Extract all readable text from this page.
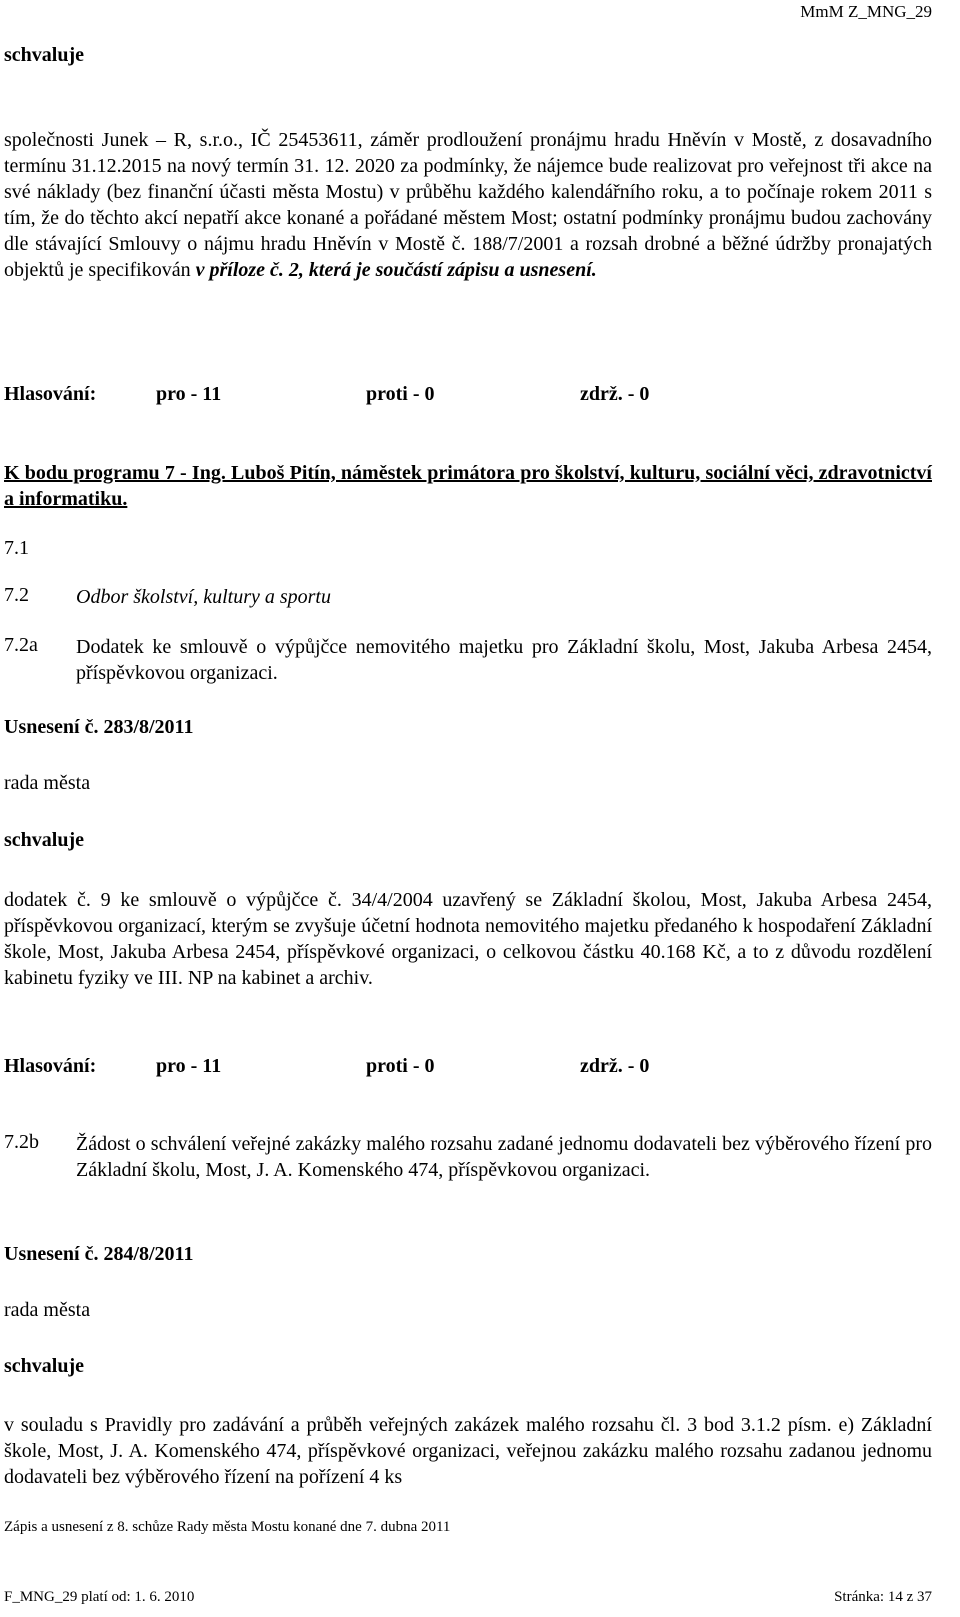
MmM Z_MNG_29
schvaluje
společnosti Junek – R, s.r.o., IČ 25453611, záměr prodloužení pronájmu hradu Hněvín v Mostě, z dosavadního termínu 31.12.2015 na nový termín 31. 12. 2020 za podmínky, že nájemce bude realizovat pro veřejnost tři akce na své náklady (bez finanční účasti města Mostu) v průběhu každého kalendářního roku, a to počínaje rokem 2011 s tím, že do těchto akcí nepatří akce konané a pořádané městem Most; ostatní podmínky pronájmu budou zachovány dle stávající Smlouvy o nájmu hradu Hněvín v Mostě č. 188/7/2001 a rozsah drobné a běžné údržby pronajatých objektů je specifikován v příloze č. 2, která je součástí zápisu a usnesení.
Hlasování:	pro - 11	proti - 0	zdrž. - 0
K bodu programu 7 - Ing. Luboš Pitín, náměstek primátora pro školství, kulturu, sociální věci, zdravotnictví a informatiku.
7.1
7.2 Odbor školství, kultury a sportu
7.2a Dodatek ke smlouvě o výpůjčce nemovitého majetku pro Základní školu, Most, Jakuba Arbesa 2454, příspěvkovou organizaci.
Usnesení č. 283/8/2011
rada města
schvaluje
dodatek č. 9 ke smlouvě o výpůjčce č. 34/4/2004 uzavřený se Základní školou, Most, Jakuba Arbesa 2454, příspěvkovou organizací, kterým se zvyšuje účetní hodnota nemovitého majetku předaného k hospodaření Základní škole, Most, Jakuba Arbesa 2454, příspěvkové organizaci, o celkovou částku 40.168 Kč, a to z důvodu rozdělení kabinetu fyziky ve III. NP na kabinet a archiv.
Hlasování:	pro - 11	proti - 0	zdrž. - 0
7.2b Žádost o schválení veřejné zakázky malého rozsahu zadané jednomu dodavateli bez výběrového řízení pro Základní školu, Most, J. A. Komenského 474, příspěvkovou organizaci.
Usnesení č. 284/8/2011
rada města
schvaluje
v souladu s Pravidly pro zadávání a průběh veřejných zakázek malého rozsahu čl. 3 bod 3.1.2 písm. e) Základní škole, Most, J. A. Komenského 474, příspěvkové organizaci, veřejnou zakázku malého rozsahu zadanou jednomu dodavateli bez výběrového řízení na pořízení 4 ks
Zápis a usnesení z 8. schůze Rady města Mostu konané dne 7. dubna 2011
F_MNG_29 platí od: 1. 6. 2010	Stránka: 14 z 37
